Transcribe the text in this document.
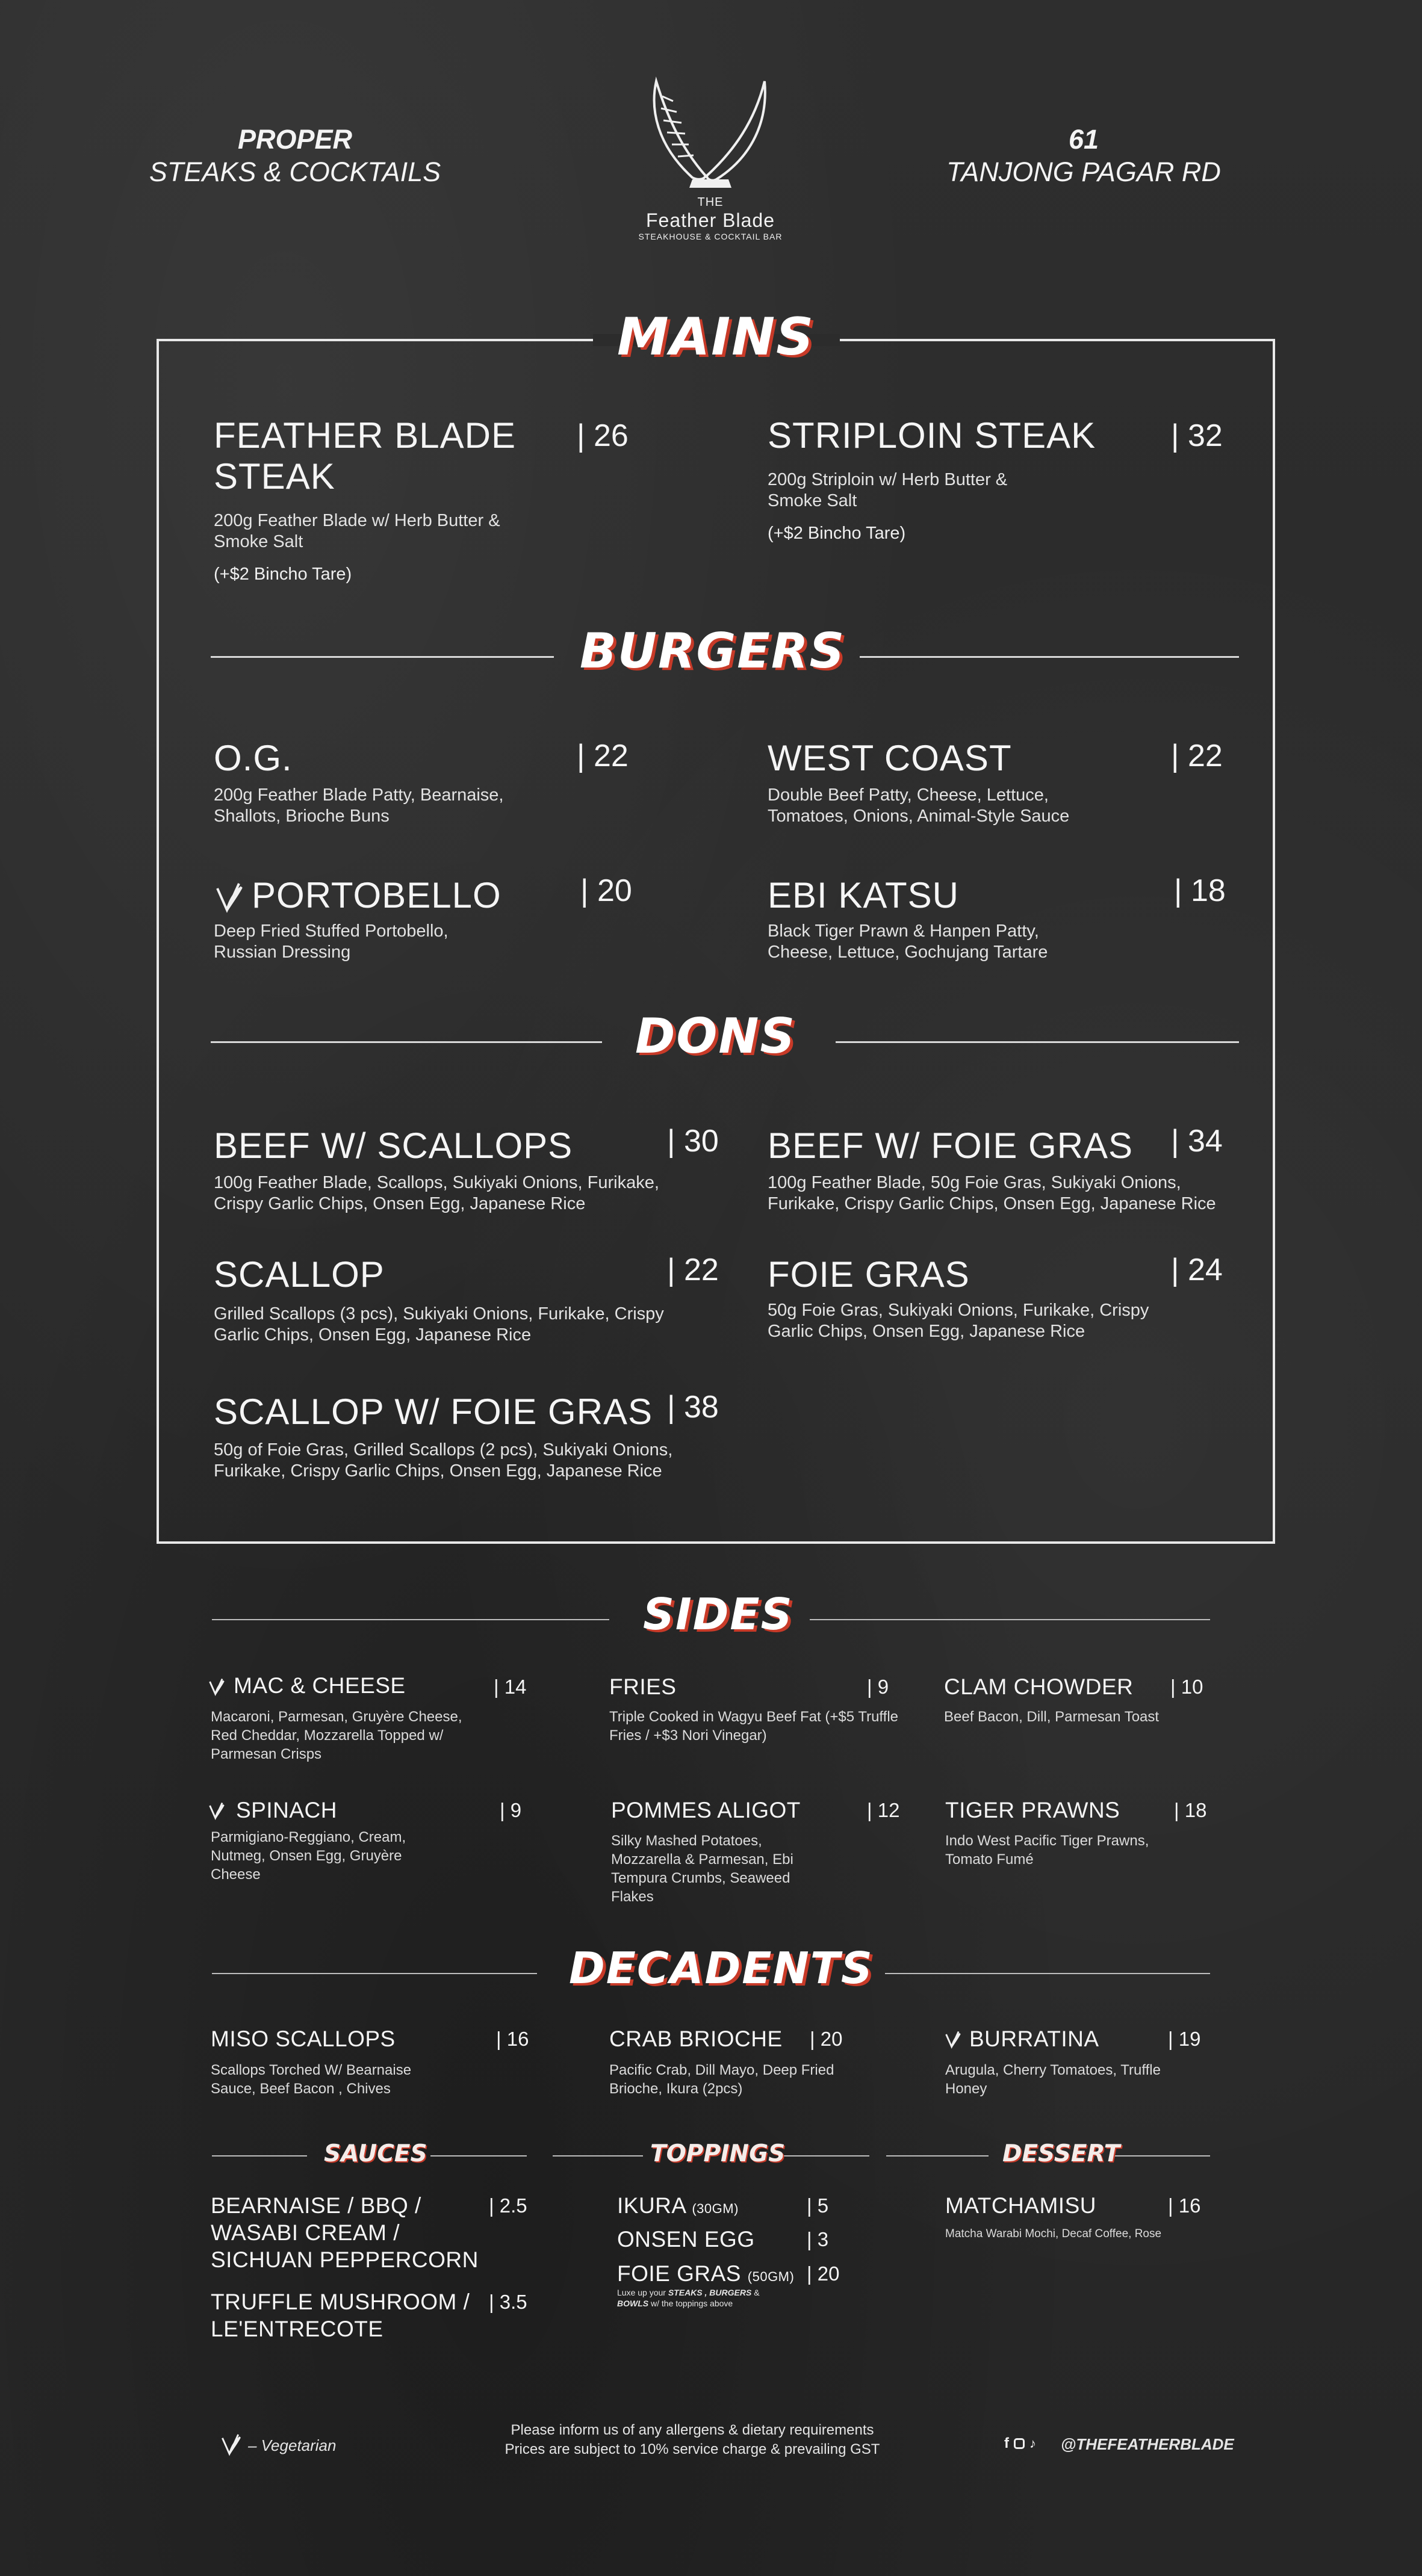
PROPER
STEAKS & COCKTAILS
61
TANJONG PAGAR RD
THE
Feather Blade
STEAKHOUSE & COCKTAIL BAR
MAINS
FEATHER BLADE STEAK
| 26
200g Feather Blade w/ Herb Butter & Smoke Salt
(+$2 Bincho Tare)
STRIPLOIN STEAK	| 32
200g Striploin w/ Herb Butter & Smoke Salt
(+$2 Bincho Tare)
BURGERS
O.G.	| 22
200g Feather Blade Patty, Bearnaise, Shallots, Brioche Buns
WEST COAST	| 22
Double Beef Patty, Cheese, Lettuce, Tomatoes, Onions, Animal-Style Sauce
PORTOBELLO	| 20
Deep Fried Stuffed Portobello, Russian Dressing
EBI KATSU	| 18
Black Tiger Prawn & Hanpen Patty, Cheese, Lettuce, Gochujang Tartare
DONS
BEEF W/ SCALLOPS	| 30
100g Feather Blade, Scallops, Sukiyaki Onions, Furikake, Crispy Garlic Chips, Onsen Egg, Japanese Rice
BEEF W/ FOIE GRAS | 34
100g Feather Blade, 50g Foie Gras, Sukiyaki Onions, Furikake, Crispy Garlic Chips, Onsen Egg, Japanese Rice
SCALLOP	| 22
Grilled Scallops (3 pcs), Sukiyaki Onions, Furikake, Crispy Garlic Chips, Onsen Egg, Japanese Rice
FOIE GRAS	| 24
50g Foie Gras, Sukiyaki Onions, Furikake, Crispy Garlic Chips, Onsen Egg, Japanese Rice
SCALLOP W/ FOIE GRAS | 38
50g of Foie Gras, Grilled Scallops (2 pcs), Sukiyaki Onions, Furikake, Crispy Garlic Chips, Onsen Egg, Japanese Rice
SIDES
MAC & CHEESE	| 14
Macaroni, Parmesan, Gruyère Cheese, Red Cheddar, Mozzarella Topped w/ Parmesan Crisps
FRIES	| 9
Triple Cooked in Wagyu Beef Fat (+$5 Truffle Fries / +$3 Nori Vinegar)
CLAM CHOWDER | 10
Beef Bacon, Dill, Parmesan Toast
SPINACH	| 9
Parmigiano-Reggiano, Cream, Nutmeg, Onsen Egg, Gruyère Cheese
POMMES ALIGOT	| 12
Silky Mashed Potatoes, Mozzarella & Parmesan, Ebi Tempura Crumbs, Seaweed Flakes
TIGER PRAWNS	| 18
Indo West Pacific Tiger Prawns, Tomato Fumé
DECADENTS
MISO SCALLOPS	| 16
Scallops Torched W/ Bearnaise Sauce, Beef Bacon , Chives
CRAB BRIOCHE | 20
Pacific Crab, Dill Mayo, Deep Fried Brioche, Ikura (2pcs)
BURRATINA	| 19
Arugula, Cherry Tomatoes, Truffle Honey
SAUCES	TOPPINGS	DESSERT
BEARNAISE / BBQ / WASABI CREAM / SICHUAN PEPPERCORN
| 2.5
TRUFFLE MUSHROOM / LE'ENTRECOTE
| 3.5
IKURA (30GM)	| 5
ONSEN EGG	| 3
FOIE GRAS (50GM) | 20
Luxe up your STEAKS , BURGERS & BOWLS w/ the toppings above
MATCHAMISU	| 16
Matcha Warabi Mochi, Decaf Coffee, Rose
– Vegetarian
Please inform us of any allergens & dietary requirements
Prices are subject to 10% service charge & prevailing GST	f ♪ @THEFEATHERBLADE
